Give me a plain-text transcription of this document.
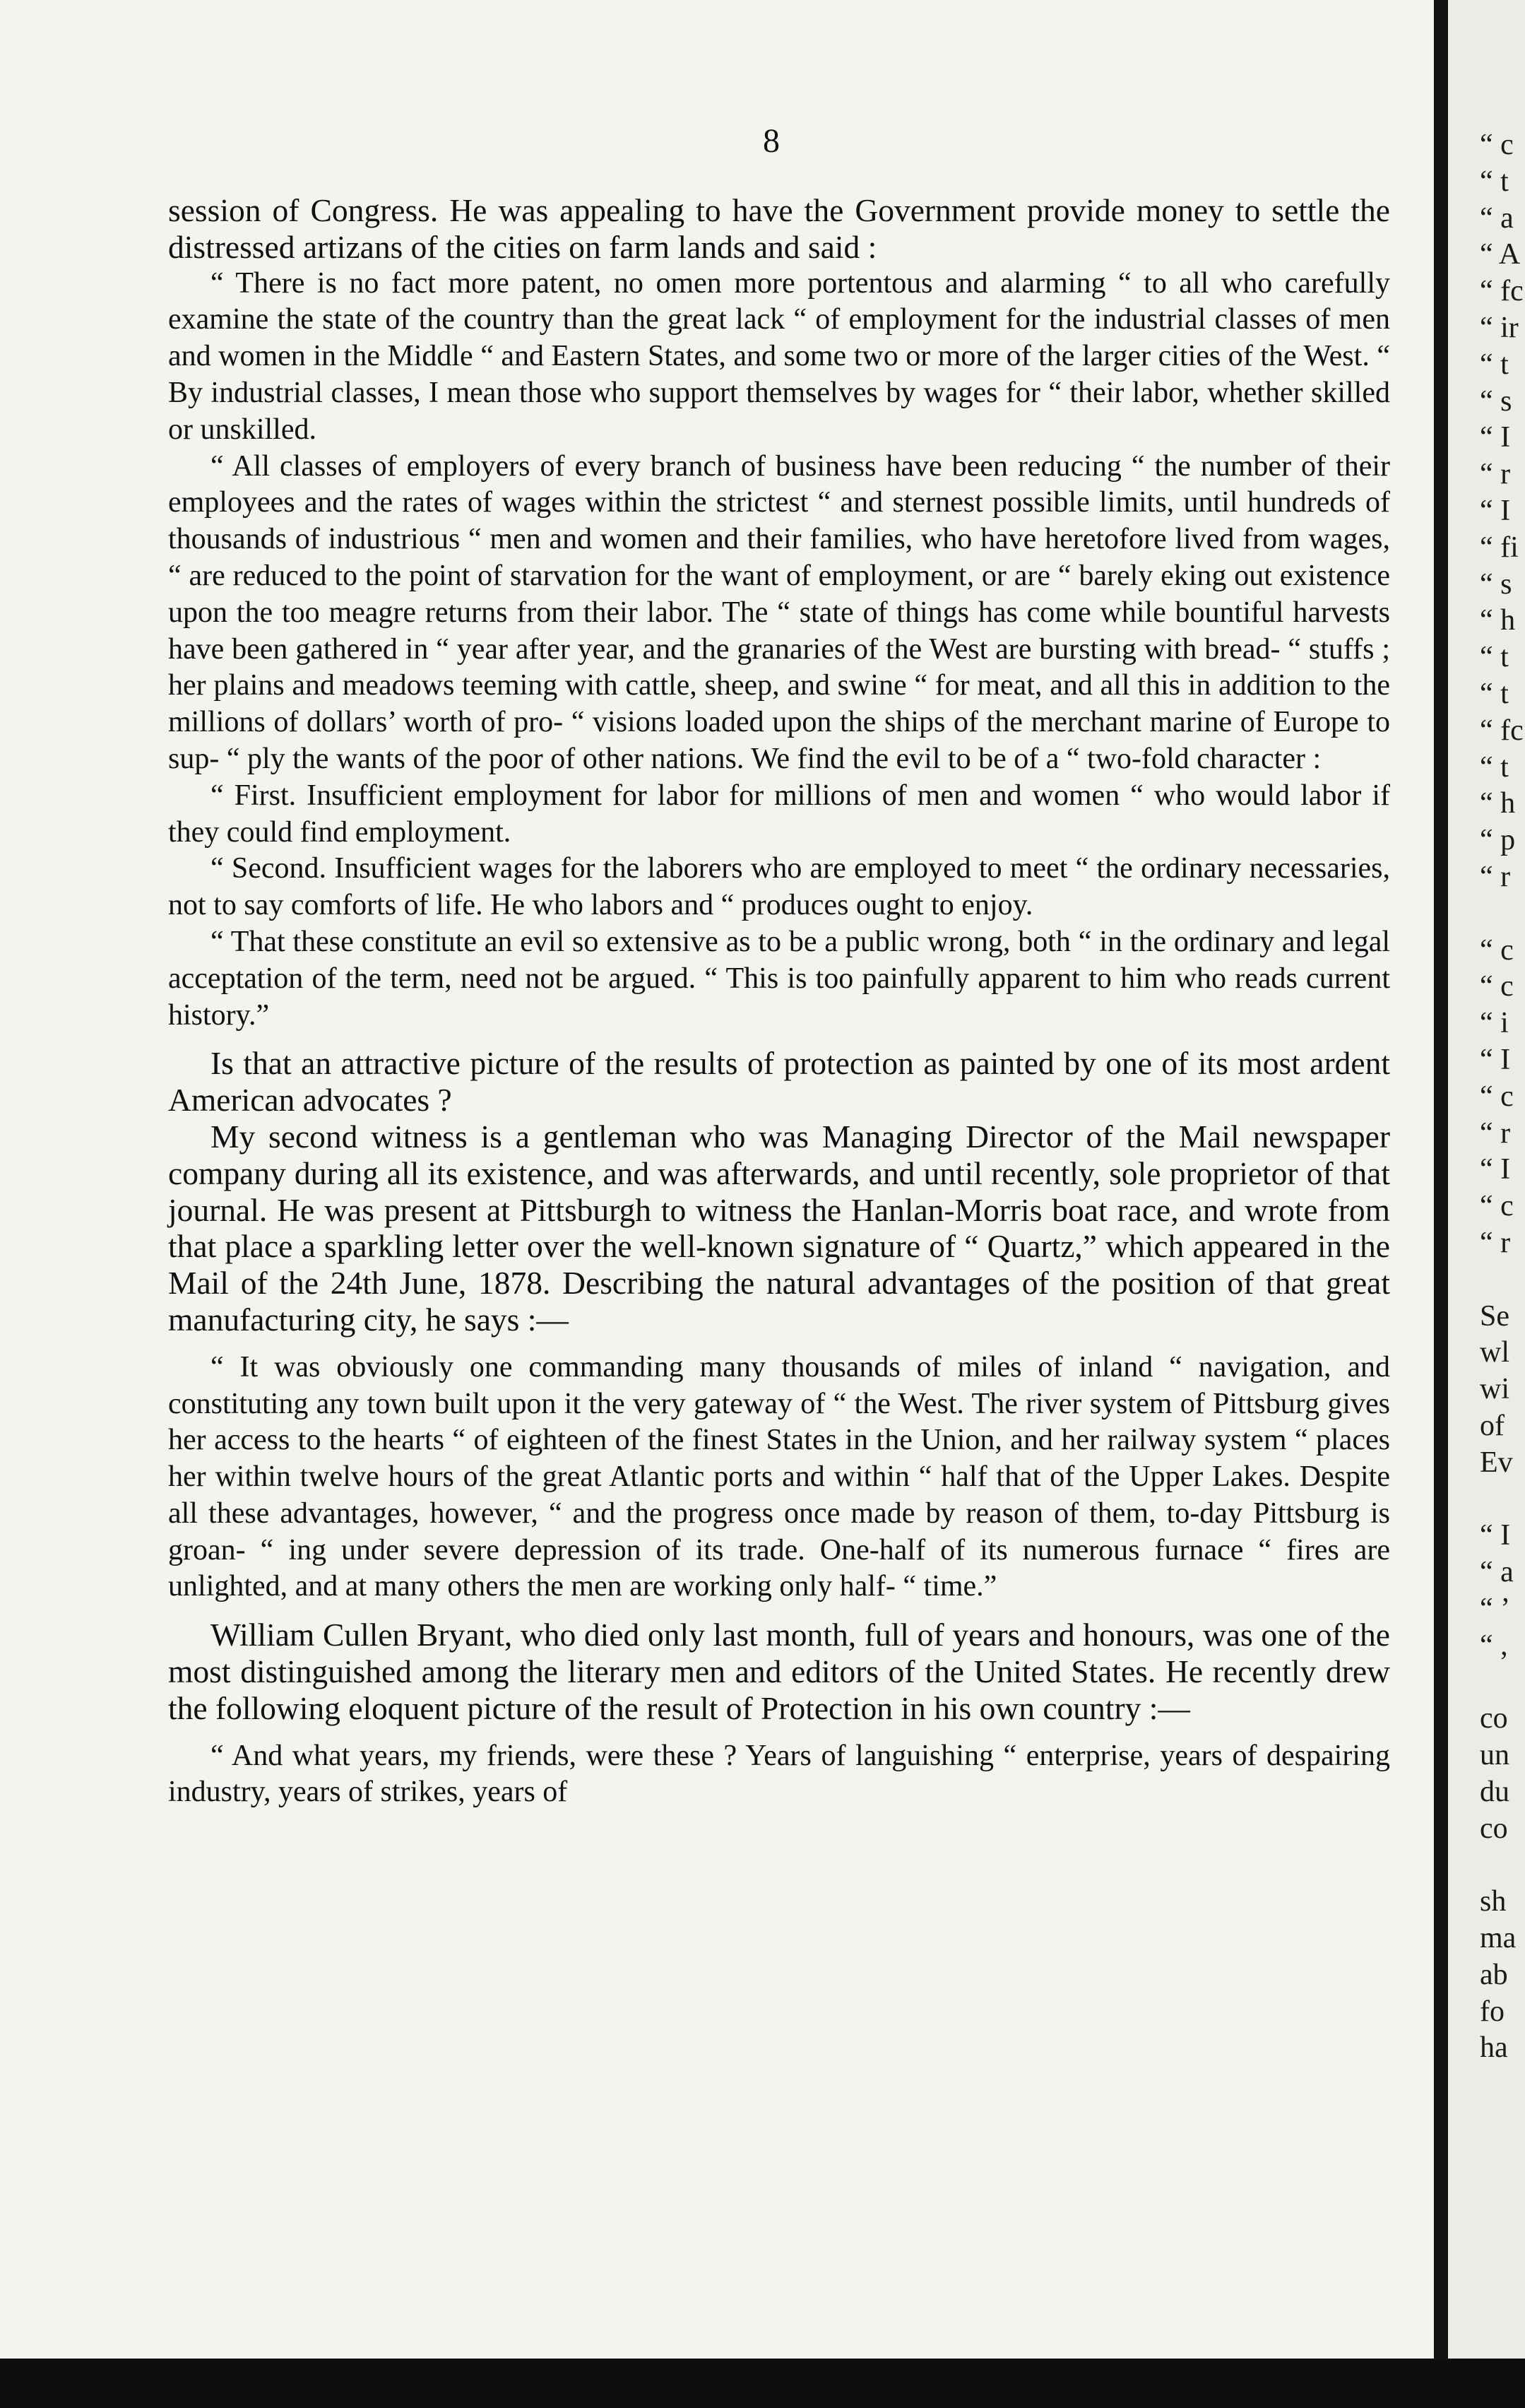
8

session of Congress. He was appealing to have the Government provide money to settle the distressed artizans of the cities on farm lands and said :

“ There is no fact more patent, no omen more portentous and alarming “ to all who carefully examine the state of the country than the great lack “ of employment for the industrial classes of men and women in the Middle “ and Eastern States, and some two or more of the larger cities of the West. “ By industrial classes, I mean those who support themselves by wages for “ their labor, whether skilled or unskilled.

“ All classes of employers of every branch of business have been reducing “ the number of their employees and the rates of wages within the strictest “ and sternest possible limits, until hundreds of thousands of industrious “ men and women and their families, who have heretofore lived from wages, “ are reduced to the point of starvation for the want of employment, or are “ barely eking out existence upon the too meagre returns from their labor. The “ state of things has come while bountiful harvests have been gathered in “ year after year, and the granaries of the West are bursting with bread- “ stuffs ; her plains and meadows teeming with cattle, sheep, and swine “ for meat, and all this in addition to the millions of dollars’ worth of pro- “ visions loaded upon the ships of the merchant marine of Europe to sup- “ ply the wants of the poor of other nations. We find the evil to be of a “ two-fold character :

“ First. Insufficient employment for labor for millions of men and women “ who would labor if they could find employment.

“ Second. Insufficient wages for the laborers who are employed to meet “ the ordinary necessaries, not to say comforts of life. He who labors and “ produces ought to enjoy.

“ That these constitute an evil so extensive as to be a public wrong, both “ in the ordinary and legal acceptation of the term, need not be argued. “ This is too painfully apparent to him who reads current history.”

Is that an attractive picture of the results of protection as painted by one of its most ardent American advocates ?

My second witness is a gentleman who was Managing Director of the Mail newspaper company during all its existence, and was afterwards, and until recently, sole proprietor of that journal. He was present at Pittsburgh to witness the Hanlan-Morris boat race, and wrote from that place a sparkling letter over the well-known signature of “ Quartz,” which appeared in the Mail of the 24th June, 1878. Describing the natural advantages of the position of that great manufacturing city, he says :—

“ It was obviously one commanding many thousands of miles of inland “ navigation, and constituting any town built upon it the very gateway of “ the West. The river system of Pittsburg gives her access to the hearts “ of eighteen of the finest States in the Union, and her railway system “ places her within twelve hours of the great Atlantic ports and within “ half that of the Upper Lakes. Despite all these advantages, however, “ and the progress once made by reason of them, to-day Pittsburg is groan- “ ing under severe depression of its trade. One-half of its numerous furnace “ fires are unlighted, and at many others the men are working only half- “ time.”

William Cullen Bryant, who died only last month, full of years and honours, was one of the most distinguished among the literary men and editors of the United States. He recently drew the following eloquent picture of the result of Protection in his own country :—

“ And what years, my friends, were these ? Years of languishing “ enterprise, years of despairing industry, years of strikes, years of

“ c
“ t
“ a
“ A
“ fc
“ ir
“ t
“ s
“ I
“ r
“ I
“ fi
“ s
“ h
“ t
“ t
“ fc
“ t
“ h
“ p
“ r
“ c
“ c
“ i
“ I
“ c
“ r
“ I
“ c
“ r
Se
wl
wi
of
Ev
“ I
“ a
“ ’
“ ,
co
un
du
co
sh
ma
ab
fo
ha
